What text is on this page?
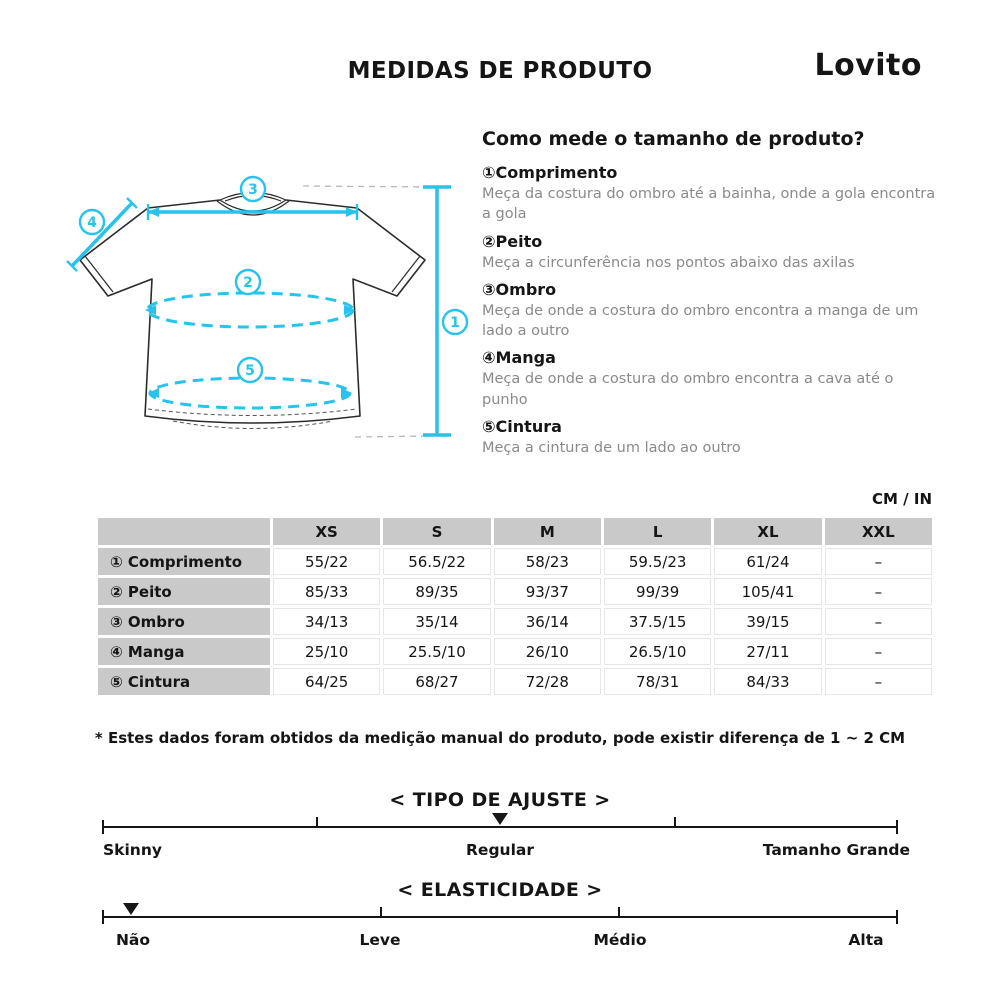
MEDIDAS DE PRODUTO	Lovito
3
4
2
5
1
Como mede o tamanho de produto?
①Comprimento
Meça da costura do ombro até a bainha, onde a gola encontra a gola
②Peito
Meça a circunferência nos pontos abaixo das axilas
③Ombro
Meça de onde a costura do ombro encontra a manga de um lado a outro
④Manga
Meça de onde a costura do ombro encontra a cava até o punho
⑤Cintura
Meça a cintura de um lado ao outro
CM / IN
	XS	S	M	L	XL	XXL
① Comprimento	55/22	56.5/22	58/23	59.5/23	61/24	–
② Peito	85/33	89/35	93/37	99/39	105/41	–
③ Ombro	34/13	35/14	36/14	37.5/15	39/15	–
④ Manga	25/10	25.5/10	26/10	26.5/10	27/11	–
⑤ Cintura	64/25	68/27	72/28	78/31	84/33	–
* Estes dados foram obtidos da medição manual do produto, pode existir diferença de 1 ~ 2 CM
< TIPO DE AJUSTE >
Skinny	Regular	Tamanho Grande
< ELASTICIDADE >
Não	Leve	Médio	Alta
